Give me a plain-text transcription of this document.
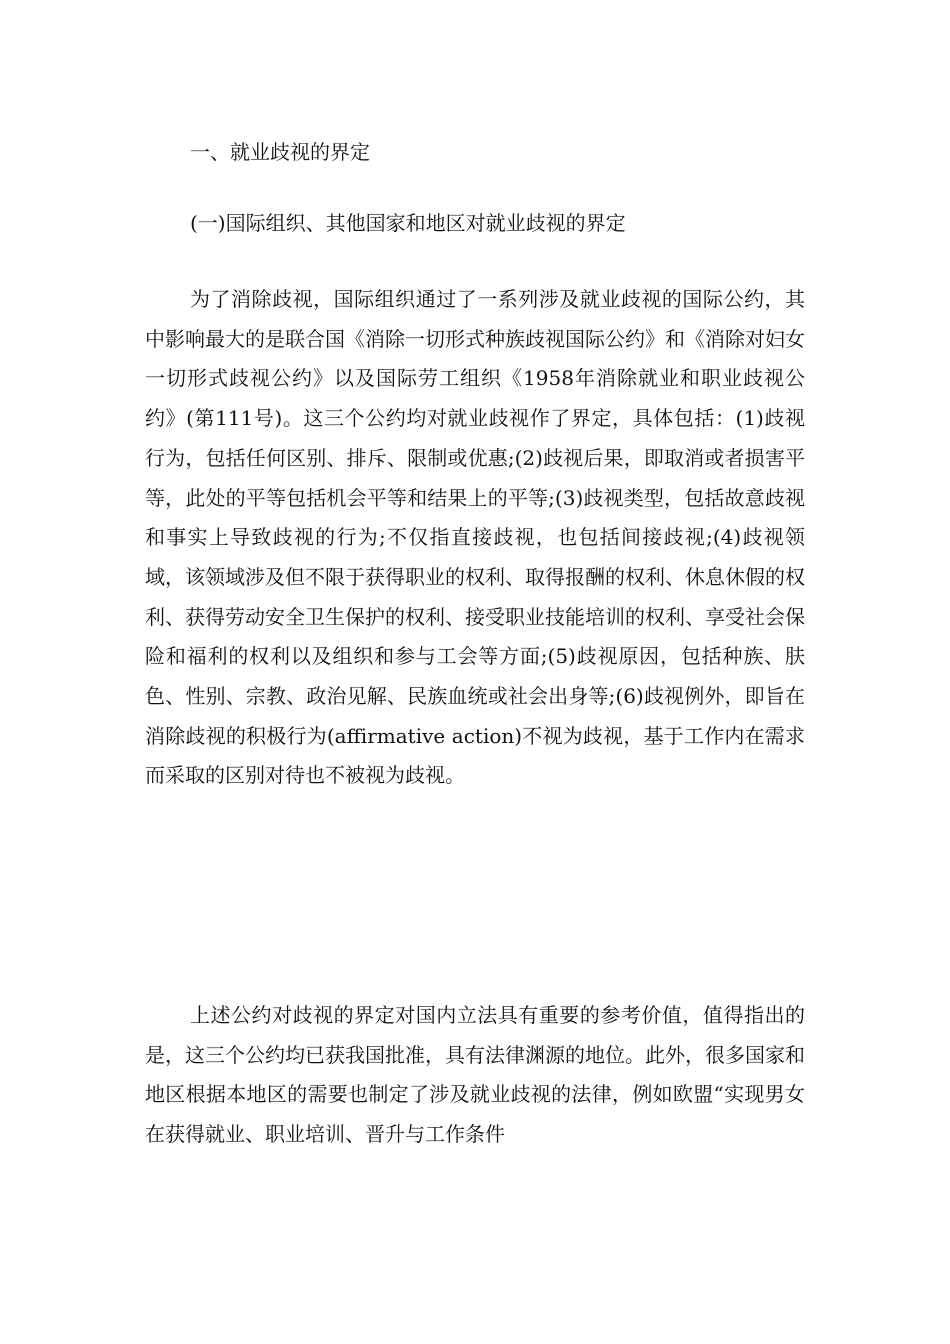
一、就业歧视的界定
(一)国际组织、其他国家和地区对就业歧视的界定

为了消除歧视，国际组织通过了一系列涉及就业歧视的国际公约，其中影响最大的是联合国《消除一切形式种族歧视国际公约》和《消除对妇女一切形式歧视公约》以及国际劳工组织《1958年消除就业和职业歧视公约》(第111号)。这三个公约均对就业歧视作了界定，具体包括：(1)歧视行为，包括任何区别、排斥、限制或优惠;(2)歧视后果，即取消或者损害平等，此处的平等包括机会平等和结果上的平等;(3)歧视类型，包括故意歧视和事实上导致歧视的行为;不仅指直接歧视，也包括间接歧视;(4)歧视领域，该领域涉及但不限于获得职业的权利、取得报酬的权利、休息休假的权利、获得劳动安全卫生保护的权利、接受职业技能培训的权利、享受社会保险和福利的权利以及组织和参与工会等方面;(5)歧视原因，包括种族、肤色、性别、宗教、政治见解、民族血统或社会出身等;(6)歧视例外，即旨在消除歧视的积极行为(affirmative action)不视为歧视，基于工作内在需求而采取的区别对待也不被视为歧视。

上述公约对歧视的界定对国内立法具有重要的参考价值，值得指出的是，这三个公约均已获我国批准，具有法律渊源的地位。此外，很多国家和地区根据本地区的需要也制定了涉及就业歧视的法律，例如欧盟“实现男女在获得就业、职业培训、晋升与工作条件
